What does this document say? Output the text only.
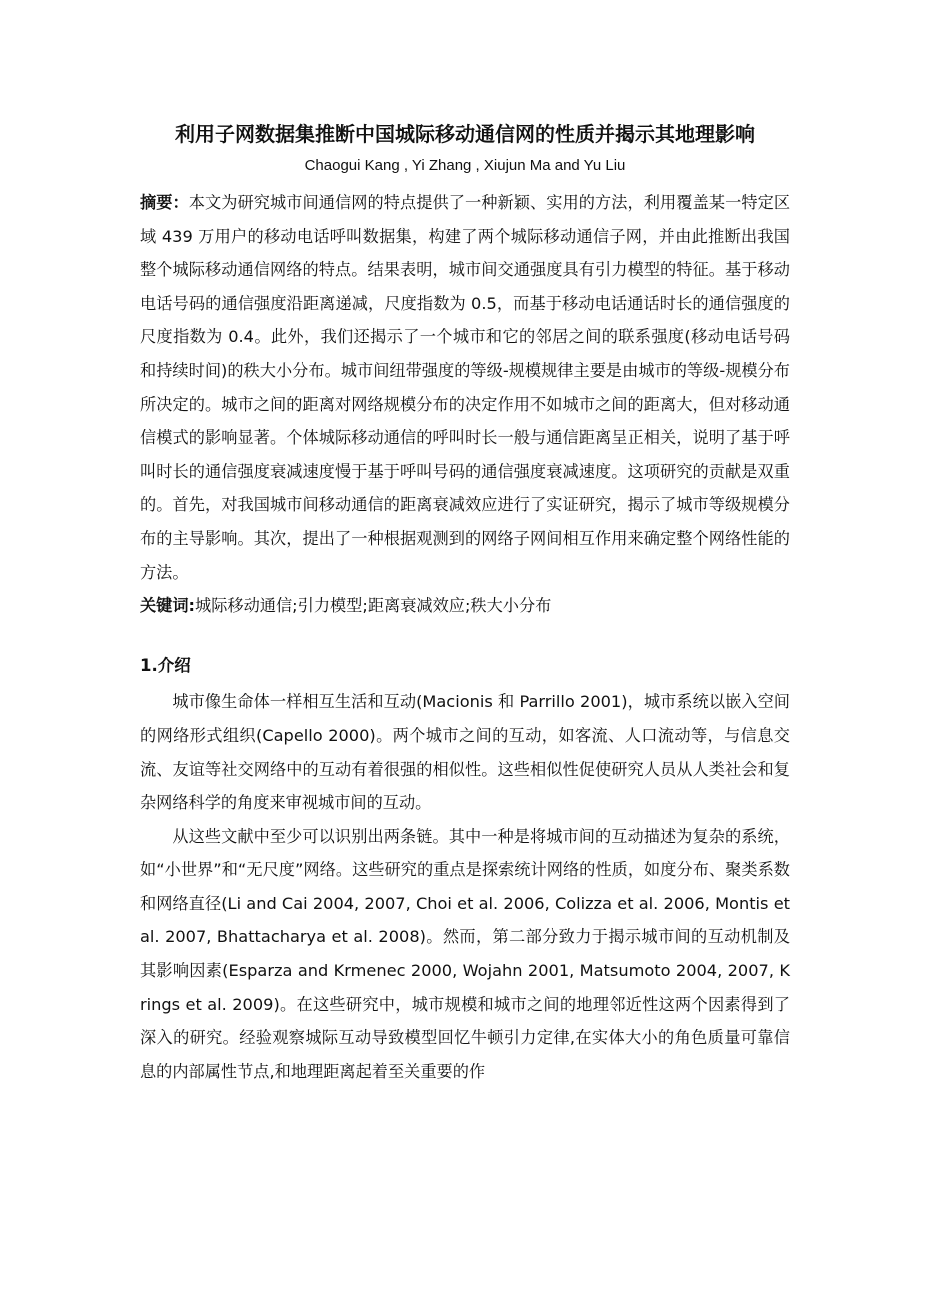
利用子网数据集推断中国城际移动通信网的性质并揭示其地理影响
Chaogui Kang , Yi Zhang , Xiujun Ma and Yu Liu

摘要：本文为研究城市间通信网的特点提供了一种新颖、实用的方法，利用覆盖某一特定区域 439 万用户的移动电话呼叫数据集，构建了两个城际移动通信子网，并由此推断出我国整个城际移动通信网络的特点。结果表明，城市间交通强度具有引力模型的特征。基于移动电话号码的通信强度沿距离递减，尺度指数为 0.5，而基于移动电话通话时长的通信强度的尺度指数为 0.4。此外，我们还揭示了一个城市和它的邻居之间的联系强度(移动电话号码和持续时间)的秩大小分布。城市间纽带强度的等级-规模规律主要是由城市的等级-规模分布所决定的。城市之间的距离对网络规模分布的决定作用不如城市之间的距离大，但对移动通信模式的影响显著。个体城际移动通信的呼叫时长一般与通信距离呈正相关，说明了基于呼叫时长的通信强度衰减速度慢于基于呼叫号码的通信强度衰减速度。这项研究的贡献是双重的。首先，对我国城市间移动通信的距离衰减效应进行了实证研究，揭示了城市等级规模分布的主导影响。其次，提出了一种根据观测到的网络子网间相互作用来确定整个网络性能的方法。

关键词:城际移动通信;引力模型;距离衰减效应;秩大小分布

1.介绍

城市像生命体一样相互生活和互动(Macionis 和 Parrillo 2001)，城市系统以嵌入空间的网络形式组织(Capello 2000)。两个城市之间的互动，如客流、人口流动等，与信息交流、友谊等社交网络中的互动有着很强的相似性。这些相似性促使研究人员从人类社会和复杂网络科学的角度来审视城市间的互动。

从这些文献中至少可以识别出两条链。其中一种是将城市间的互动描述为复杂的系统，如“小世界”和“无尺度”网络。这些研究的重点是探索统计网络的性质，如度分布、聚类系数和网络直径(Li and Cai 2004, 2007, Choi et al. 2006, Colizza et al. 2006, Montis et al. 2007, Bhattacharya et al. 2008)。然而，第二部分致力于揭示城市间的互动机制及其影响因素(Esparza and Krmenec 2000, Wojahn 2001, Matsumoto 2004, 2007, Krings et al. 2009)。在这些研究中，城市规模和城市之间的地理邻近性这两个因素得到了深入的研究。经验观察城际互动导致模型回忆牛顿引力定律,在实体大小的角色质量可靠信息的内部属性节点,和地理距离起着至关重要的作
